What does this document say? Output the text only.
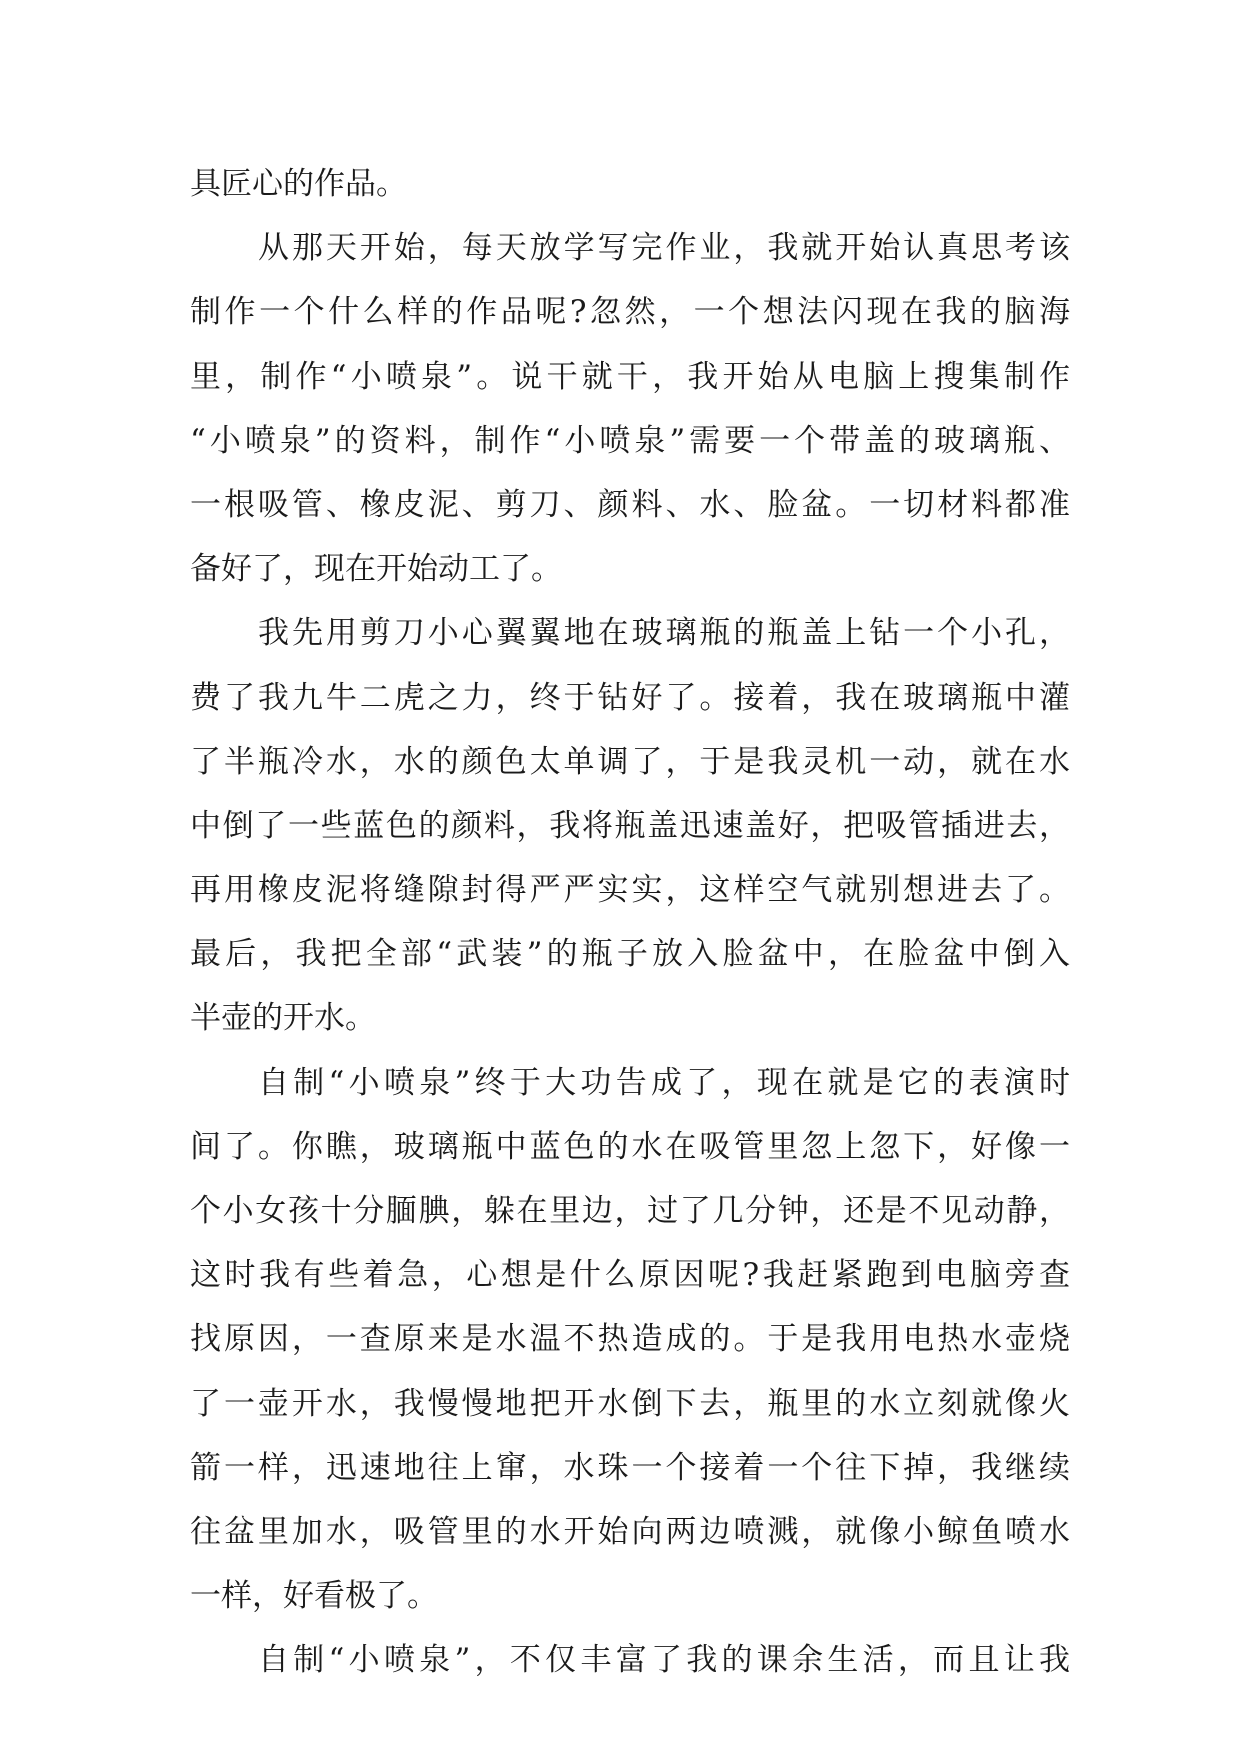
具匠心的作品。
从那天开始，每天放学写完作业，我就开始认真思考该
制作一个什么样的作品呢?忽然，一个想法闪现在我的脑海
里，制作“小喷泉”。说干就干，我开始从电脑上搜集制作
“小喷泉”的资料，制作“小喷泉”需要一个带盖的玻璃瓶、
一根吸管、橡皮泥、剪刀、颜料、水、脸盆。一切材料都准
备好了，现在开始动工了。
我先用剪刀小心翼翼地在玻璃瓶的瓶盖上钻一个小孔，
费了我九牛二虎之力，终于钻好了。接着，我在玻璃瓶中灌
了半瓶冷水，水的颜色太单调了，于是我灵机一动，就在水
中倒了一些蓝色的颜料，我将瓶盖迅速盖好，把吸管插进去，
再用橡皮泥将缝隙封得严严实实，这样空气就别想进去了。
最后，我把全部“武装”的瓶子放入脸盆中，在脸盆中倒入
半壶的开水。
自制“小喷泉”终于大功告成了，现在就是它的表演时
间了。你瞧，玻璃瓶中蓝色的水在吸管里忽上忽下，好像一
个小女孩十分腼腆，躲在里边，过了几分钟，还是不见动静，
这时我有些着急，心想是什么原因呢?我赶紧跑到电脑旁查
找原因，一查原来是水温不热造成的。于是我用电热水壶烧
了一壶开水，我慢慢地把开水倒下去，瓶里的水立刻就像火
箭一样，迅速地往上窜，水珠一个接着一个往下掉，我继续
往盆里加水，吸管里的水开始向两边喷溅，就像小鲸鱼喷水
一样，好看极了。
自制“小喷泉”，不仅丰富了我的课余生活，而且让我
